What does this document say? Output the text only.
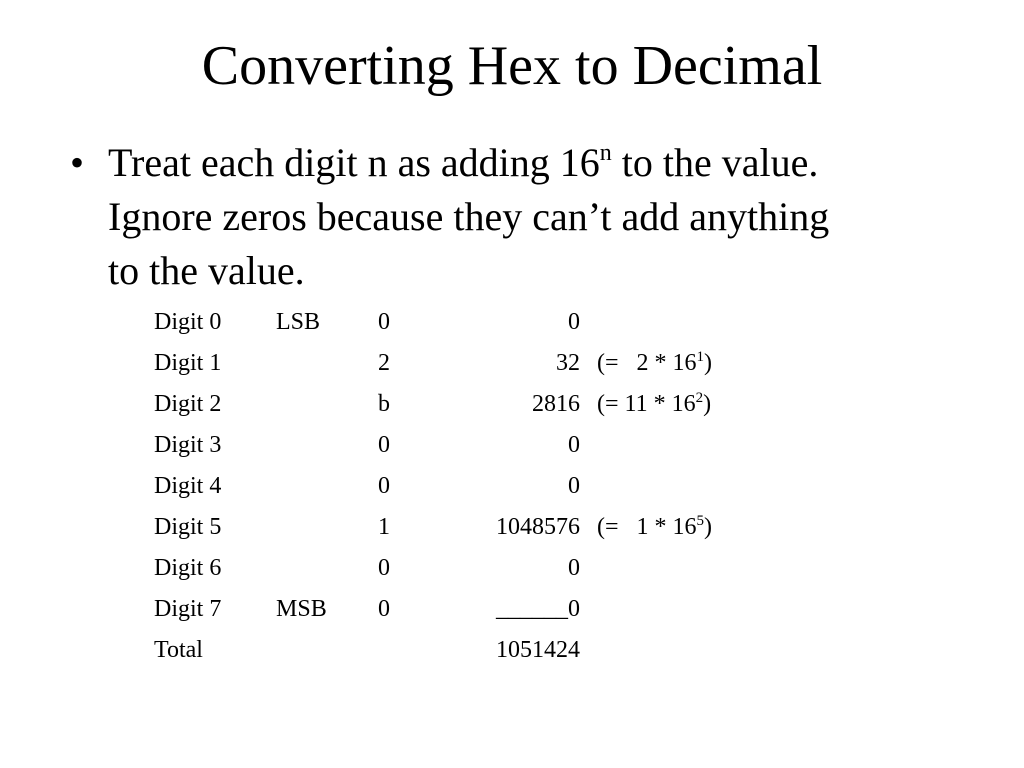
Converting Hex to Decimal
• Treat each digit n as adding 16$^n$ to the value.
Ignore zeros because they can’t add anything
to the value.
Digit 0 LSB 0	0
Digit 1	2	32 (=   $2 * 16^1$)
Digit 2	b	2816 (= $11 * 16^2$)
Digit 3	0	0
Digit 4	0	0
Digit 5	1	1048576 (=   $1 * 16^5$)
Digit 6	0	0
Digit 7 MSB 0	______0
Total	1051424
